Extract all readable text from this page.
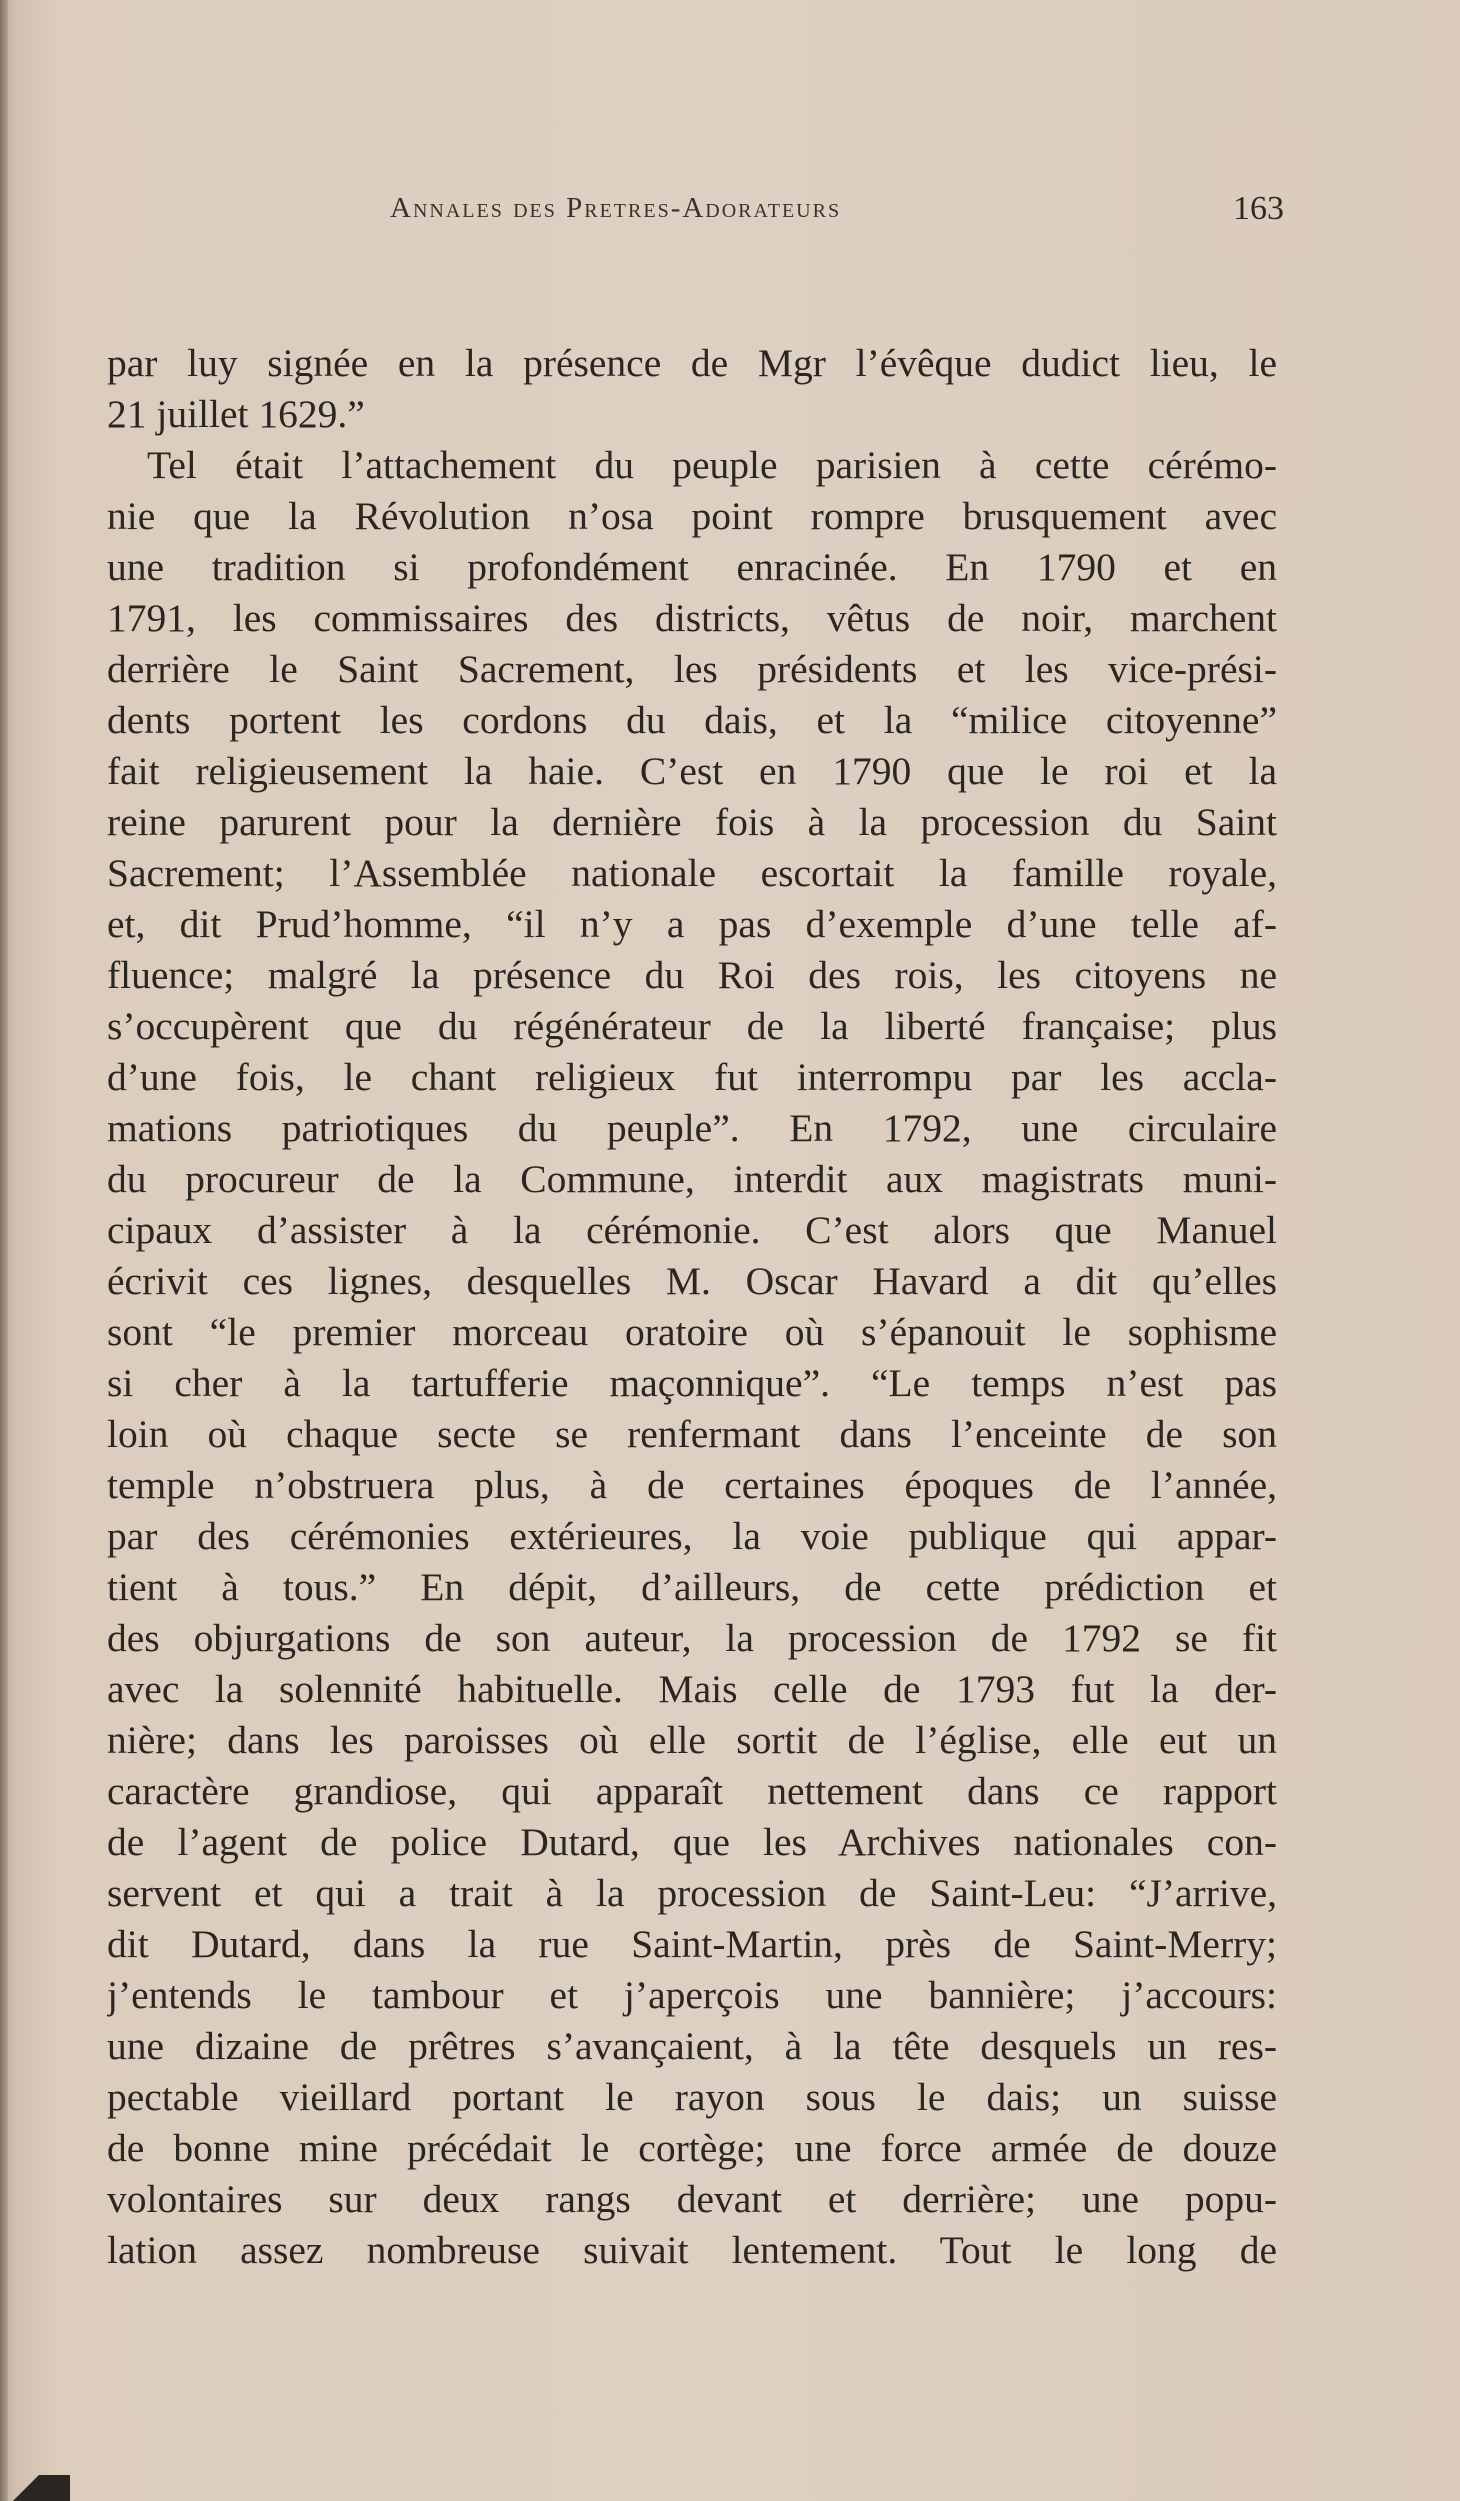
Annales des Pretres-Adorateurs	163
par luy signée en la présence de Mgr l’évêque dudict lieu, le
21 juillet 1629.”
Tel était l’attachement du peuple parisien à cette cérémo-
nie que la Révolution n’osa point rompre brusquement avec
une tradition si profondément enracinée. En 1790 et en
1791, les commissaires des districts, vêtus de noir, marchent
derrière le Saint Sacrement, les présidents et les vice-prési-
dents portent les cordons du dais, et la “milice citoyenne”
fait religieusement la haie. C’est en 1790 que le roi et la
reine parurent pour la dernière fois à la procession du Saint
Sacrement; l’Assemblée nationale escortait la famille royale,
et, dit Prud’homme, “il n’y a pas d’exemple d’une telle af-
fluence; malgré la présence du Roi des rois, les citoyens ne
s’occupèrent que du régénérateur de la liberté française; plus
d’une fois, le chant religieux fut interrompu par les accla-
mations patriotiques du peuple”. En 1792, une circulaire
du procureur de la Commune, interdit aux magistrats muni-
cipaux d’assister à la cérémonie. C’est alors que Manuel
écrivit ces lignes, desquelles M. Oscar Havard a dit qu’elles
sont “le premier morceau oratoire où s’épanouit le sophisme
si cher à la tartufferie maçonnique”. “Le temps n’est pas
loin où chaque secte se renfermant dans l’enceinte de son
temple n’obstruera plus, à de certaines époques de l’année,
par des cérémonies extérieures, la voie publique qui appar-
tient à tous.” En dépit, d’ailleurs, de cette prédiction et
des objurgations de son auteur, la procession de 1792 se fit
avec la solennité habituelle. Mais celle de 1793 fut la der-
nière; dans les paroisses où elle sortit de l’église, elle eut un
caractère grandiose, qui apparaît nettement dans ce rapport
de l’agent de police Dutard, que les Archives nationales con-
servent et qui a trait à la procession de Saint-Leu: “J’arrive,
dit Dutard, dans la rue Saint-Martin, près de Saint-Merry;
j’entends le tambour et j’aperçois une bannière; j’accours:
une dizaine de prêtres s’avançaient, à la tête desquels un res-
pectable vieillard portant le rayon sous le dais; un suisse
de bonne mine précédait le cortège; une force armée de douze
volontaires sur deux rangs devant et derrière; une popu-
lation assez nombreuse suivait lentement. Tout le long de
